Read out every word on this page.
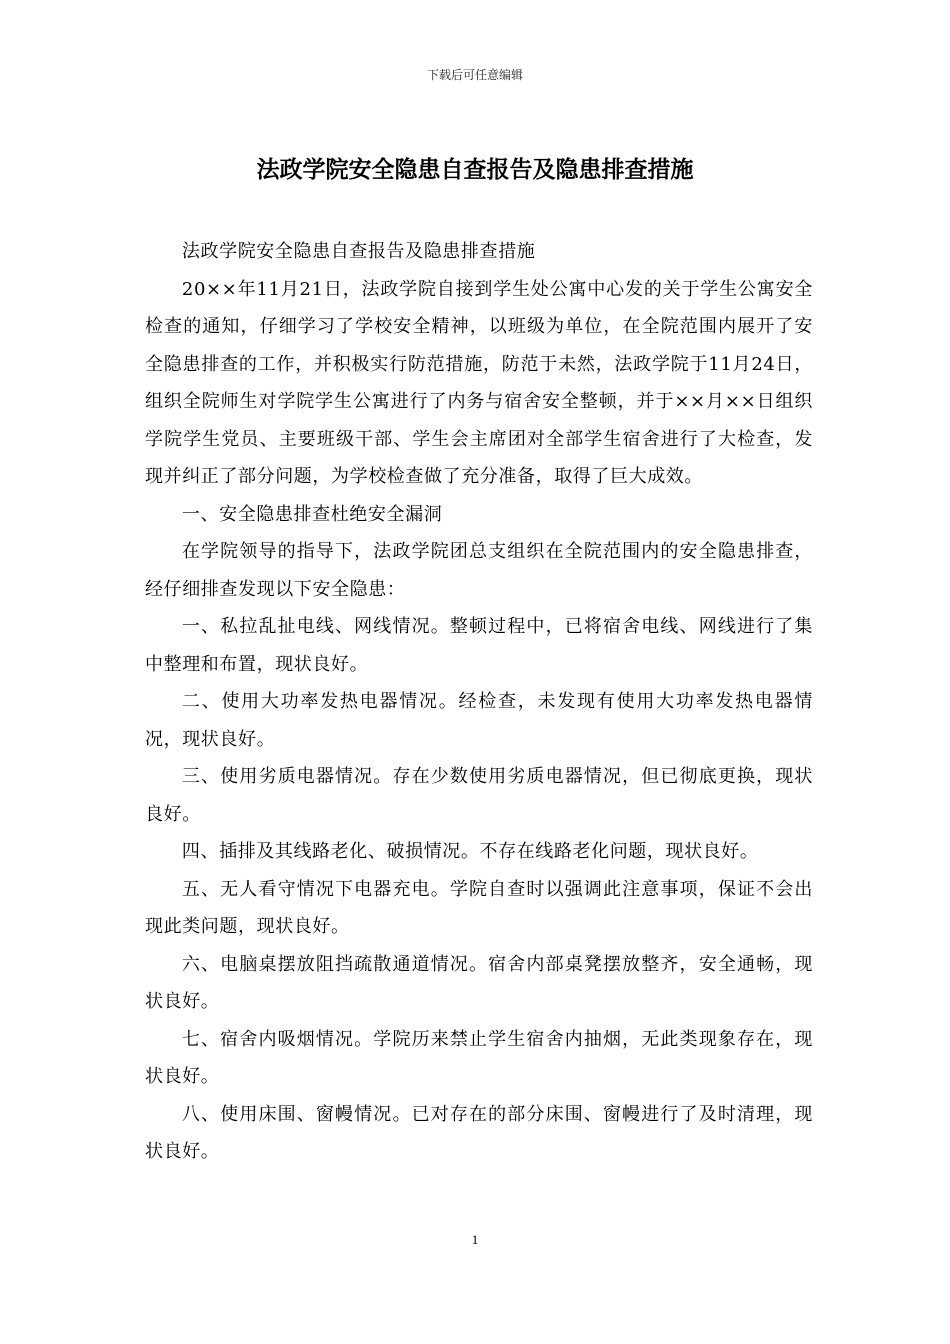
下载后可任意编辑
法政学院安全隐患自查报告及隐患排查措施

法政学院安全隐患自查报告及隐患排查措施

20××年11月21日，法政学院自接到学生处公寓中心发的关于学生公寓安全检查的通知，仔细学习了学校安全精神，以班级为单位，在全院范围内展开了安全隐患排查的工作，并积极实行防范措施，防范于未然，法政学院于11月24日，组织全院师生对学院学生公寓进行了内务与宿舍安全整顿，并于××月××日组织学院学生党员、主要班级干部、学生会主席团对全部学生宿舍进行了大检查，发现并纠正了部分问题，为学校检查做了充分准备，取得了巨大成效。

一、安全隐患排查杜绝安全漏洞

在学院领导的指导下，法政学院团总支组织在全院范围内的安全隐患排查，经仔细排查发现以下安全隐患：

一、私拉乱扯电线、网线情况。整顿过程中，已将宿舍电线、网线进行了集中整理和布置，现状良好。

二、使用大功率发热电器情况。经检查，未发现有使用大功率发热电器情况，现状良好。

三、使用劣质电器情况。存在少数使用劣质电器情况，但已彻底更换，现状良好。

四、插排及其线路老化、破损情况。不存在线路老化问题，现状良好。

五、无人看守情况下电器充电。学院自查时以强调此注意事项，保证不会出现此类问题，现状良好。

六、电脑桌摆放阻挡疏散通道情况。宿舍内部桌凳摆放整齐，安全通畅，现状良好。

七、宿舍内吸烟情况。学院历来禁止学生宿舍内抽烟，无此类现象存在，现状良好。

八、使用床围、窗幔情况。已对存在的部分床围、窗幔进行了及时清理，现状良好。

1
